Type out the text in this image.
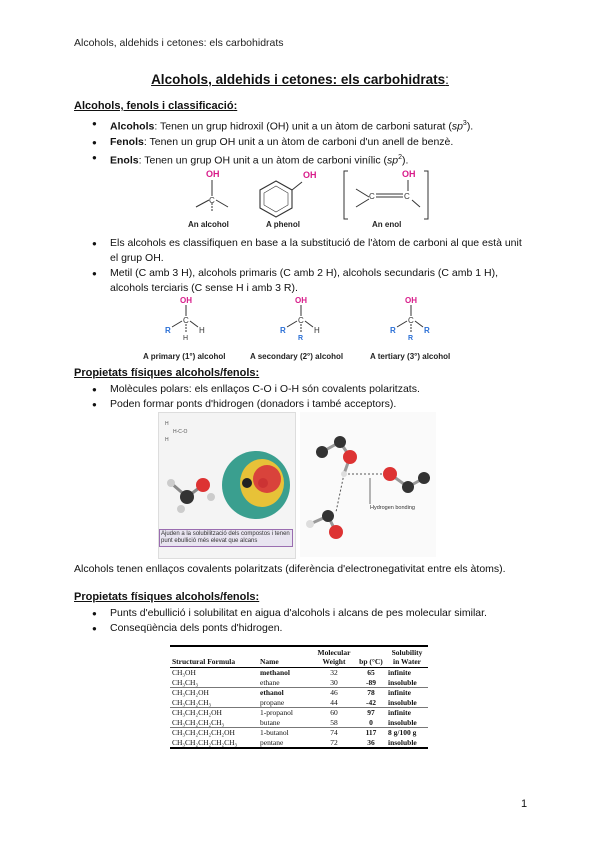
Alcohols, aldehids i cetones: els carbohidrats
Alcohols, aldehids i cetones: els carbohidrats:
Alcohols, fenols i classificació:
● Alcohols: Tenen un grup hidroxil (OH) unit a un àtom de carboni saturat $(sp^3)$.
● Fenols: Tenen un grup OH unit a un àtom de carboni d'un anell de benzè.
● Enols: Tenen un grup OH unit a un àtom de carboni vinílic $(sp^2)$.
OH
C
OH	OH
C	C
An alcohol	A phenol	An enol
● Els alcohols es classifiquen en base a la substitució de l'àtom de carboni al que està unit el grup OH.
● Metil (C amb 3 H), alcohols primaris (C amb 2 H), alcohols secundaris (C amb 1 H), alcohols terciaris (C sense H i amb 3 R).
OH
C
R	H
H
OH
C
R	H
R
OH
C
R	R
R
A primary (1°) alcohol	A secondary (2°) alcohol	A tertiary (3°) alcohol
Propietats físiques alcohols/fenols:
● Molècules polars: els enllaços C-O i O-H són covalents polaritzats.
● Poden formar ponts d'hidrogen (donadors i també acceptors).
H
H-C-O
H
Ajuden a la solubilització dels compostos i tenen punt ebullició més elevat que alcans
Hydrogen bonding
Alcohols tenen enllaços covalents polaritzats (diferència d'electronegativitat entre els àtoms).
Propietats físiques alcohols/fenols:
● Punts d'ebullició i solubilitat en aigua d'alcohols i alcans de pes molecular similar.
● Conseqüència dels ponts d'hidrogen.
Structural Formula	Name	Molecular Weight	bp (°C)	Solubility in Water
CH₃OH	methanol	32	65	infinite
CH₃CH₃	ethane	30	-89	insoluble
CH₃CH₂OH	ethanol	46	78	infinite
CH₃CH₂CH₃	propane	44	-42	insoluble
CH₃CH₂CH₂OH	1-propanol	60	97	infinite
CH₃CH₂CH₂CH₃	butane	58	0	insoluble
CH₃CH₂CH₂CH₂OH	1-butanol	74	117	8 g/100 g
CH₃CH₂CH₂CH₂CH₃	pentane	72	36	insoluble
1
